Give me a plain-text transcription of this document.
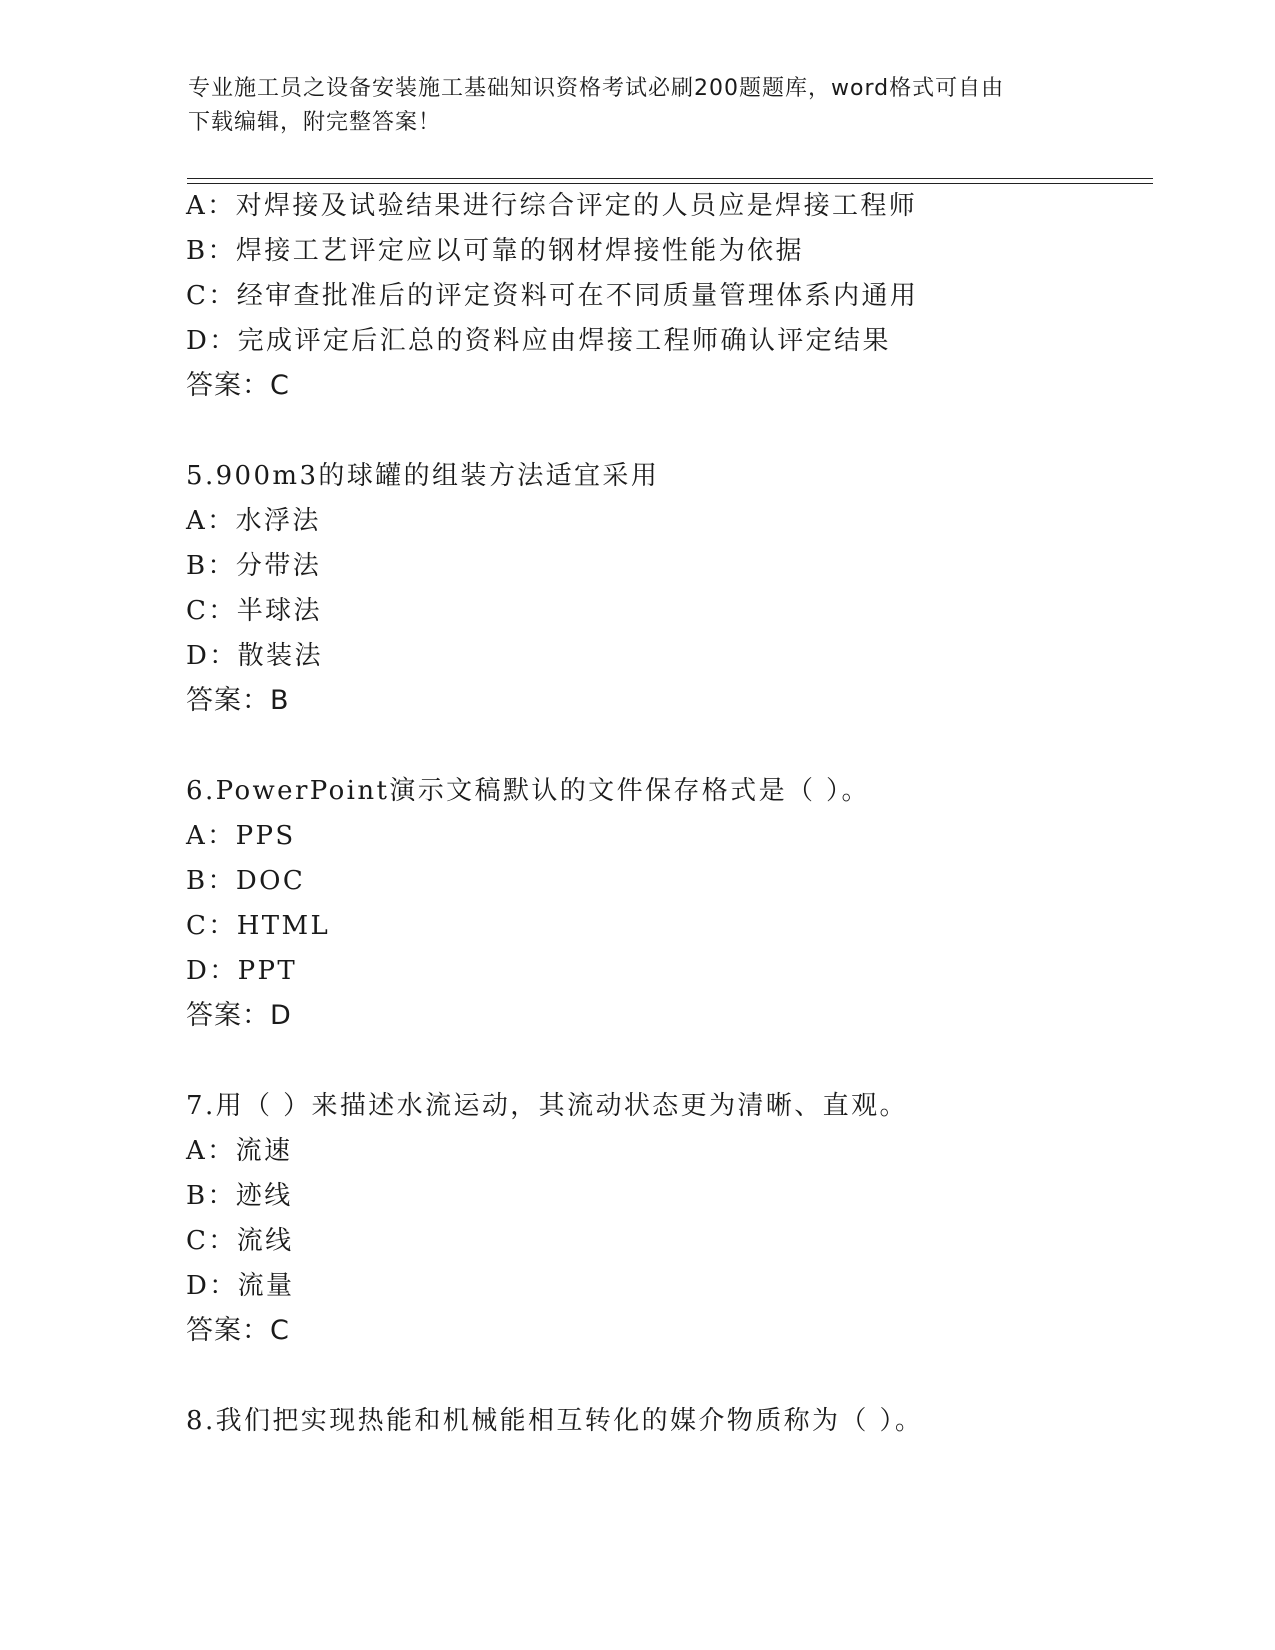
专业施工员之设备安装施工基础知识资格考试必刷200题题库，word格式可自由
下载编辑，附完整答案！
A：对焊接及试验结果进行综合评定的人员应是焊接工程师
B：焊接工艺评定应以可靠的钢材焊接性能为依据
C：经审查批准后的评定资料可在不同质量管理体系内通用
D：完成评定后汇总的资料应由焊接工程师确认评定结果
答案：C
5.900m3的球罐的组装方法适宜采用
A：水浮法
B：分带法
C：半球法
D：散装法
答案：B
6.PowerPoint演示文稿默认的文件保存格式是（ ）。
A：PPS
B：DOC
C：HTML
D：PPT
答案：D
7.用（ ）来描述水流运动，其流动状态更为清晰、直观。
A：流速
B：迹线
C：流线
D：流量
答案：C
8.我们把实现热能和机械能相互转化的媒介物质称为（ ）。
